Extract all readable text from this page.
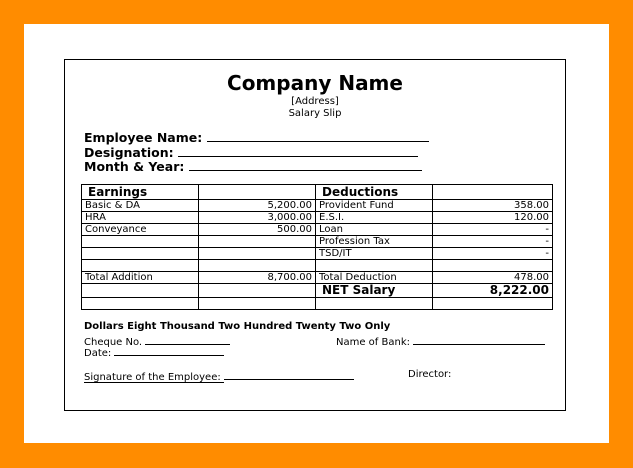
Company Name
[Address]
Salary Slip
Employee Name:
Designation:
Month & Year:
Earnings		Deductions	
Basic & DA	5,200.00	Provident Fund	358.00
HRA	3,000.00	E.S.I.	120.00
Conveyance	500.00	Loan	-
		Profession Tax	-
		TSD/IT	-

Total Addition	8,700.00	Total Deduction	478.00
		NET Salary	8,222.00

Dollars Eight Thousand Two Hundred Twenty Two Only
Cheque No.	Name of Bank:
Date:
Signature of the Employee:	Director:
